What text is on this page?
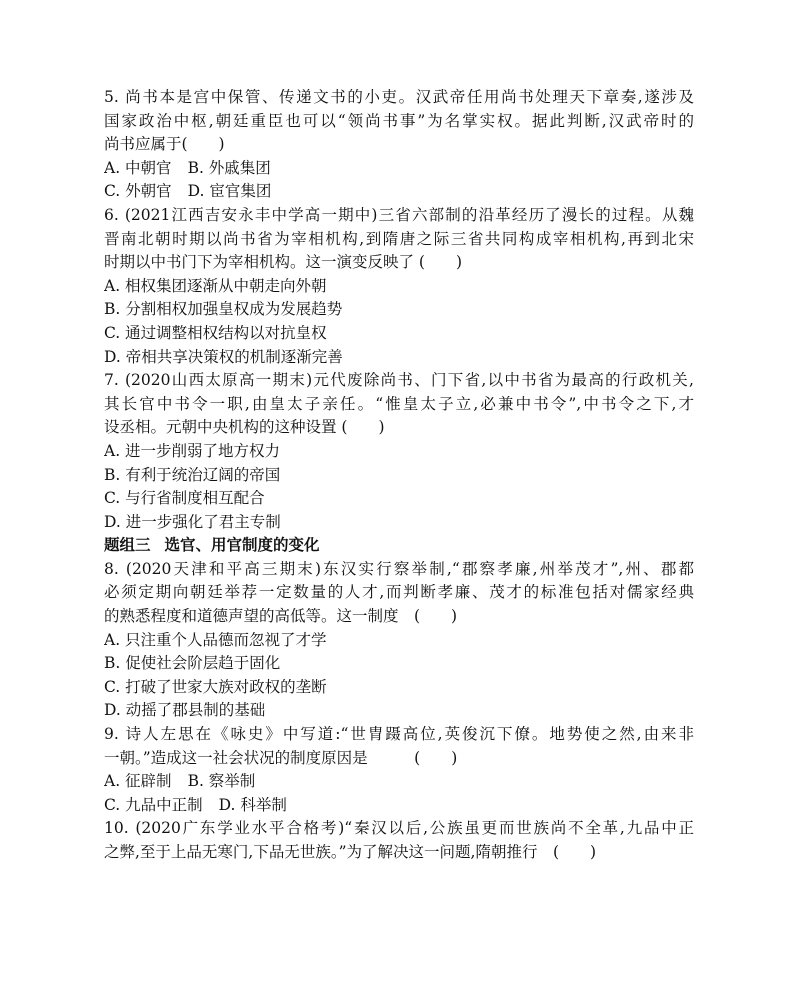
5. 尚书本是宫中保管、传递文书的小吏。汉武帝任用尚书处理天下章奏,遂涉及
国家政治中枢,朝廷重臣也可以“领尚书事”为名掌实权。据此判断,汉武帝时的
尚书应属于(　　)
A. 中朝官 B. 外戚集团
C. 外朝官 D. 宦官集团
6. (2021江西吉安永丰中学高一期中)三省六部制的沿革经历了漫长的过程。从魏
晋南北朝时期以尚书省为宰相机构,到隋唐之际三省共同构成宰相机构,再到北宋
时期以中书门下为宰相机构。这一演变反映了 (　　)
A. 相权集团逐渐从中朝走向外朝
B. 分割相权加强皇权成为发展趋势
C. 通过调整相权结构以对抗皇权
D. 帝相共享决策权的机制逐渐完善
7. (2020山西太原高一期末)元代废除尚书、门下省,以中书省为最高的行政机关,
其长官中书令一职,由皇太子亲任。“惟皇太子立,必兼中书令”,中书令之下,才
设丞相。元朝中央机构的这种设置 (　　)
A. 进一步削弱了地方权力
B. 有利于统治辽阔的帝国
C. 与行省制度相互配合
D. 进一步强化了君主专制
题组三 选官、用官制度的变化
8. (2020天津和平高三期末)东汉实行察举制,“郡察孝廉,州举茂才”,州、郡都
必须定期向朝廷举荐一定数量的人才,而判断孝廉、茂才的标准包括对儒家经典
的熟悉程度和道德声望的高低等。这一制度　(　　)
A. 只注重个人品德而忽视了才学
B. 促使社会阶层趋于固化
C. 打破了世家大族对政权的垄断
D. 动摇了郡县制的基础
9. 诗人左思在《咏史》中写道:“世胄蹑高位,英俊沉下僚。地势使之然,由来非
一朝。”造成这一社会状况的制度原因是　　　(　　)
A. 征辟制 B. 察举制
C. 九品中正制 D. 科举制
10. (2020广东学业水平合格考)“秦汉以后,公族虽更而世族尚不全革,九品中正
之弊,至于上品无寒门,下品无世族。”为了解决这一问题,隋朝推行　(　　)
